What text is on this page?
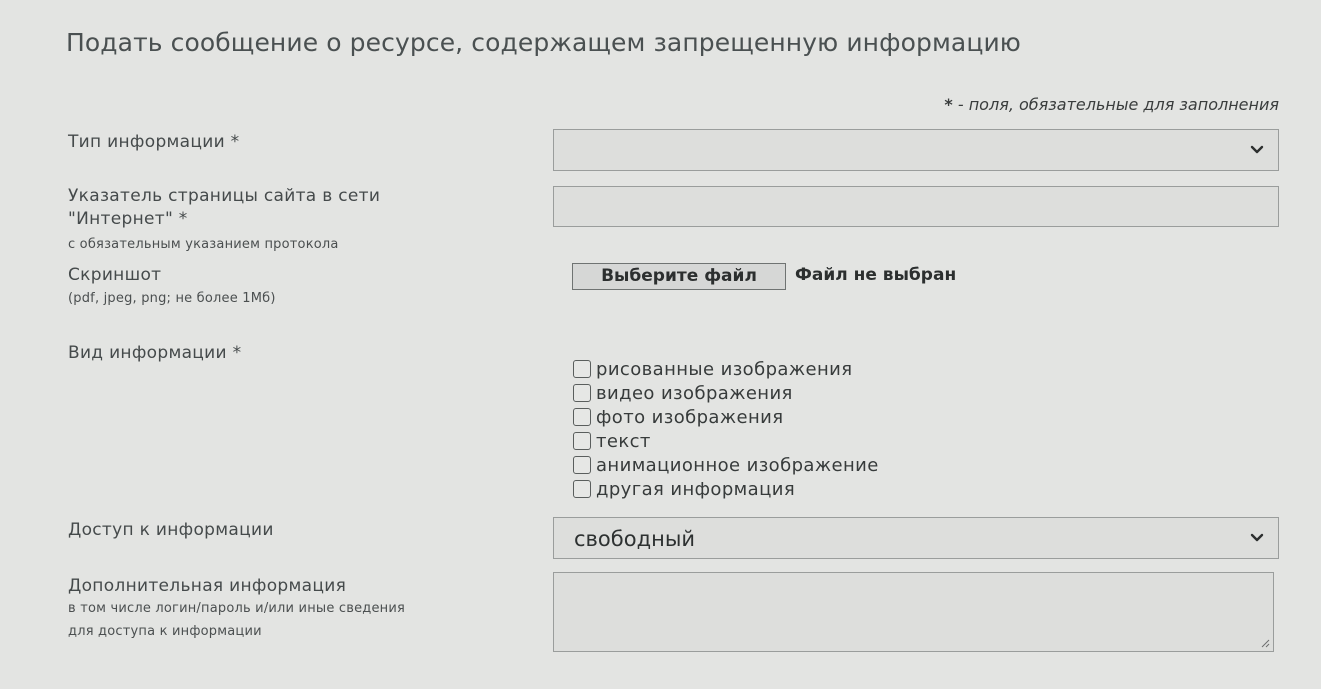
Подать сообщение о ресурсе, содержащем запрещенную информацию
* - поля, обязательные для заполнения
Тип информации *
Указатель страницы сайта в сети
"Интернет" *
с обязательным указанием протокола
Скриншот
(pdf, jpeg, png; не более 1Мб)
Выберите файл	Файл не выбран
Вид информации *
рисованные изображения
видео изображения
фото изображения
текст
анимационное изображение
другая информация
Доступ к информации	свободный
Дополнительная информация
в том числе логин/пароль и/или иные сведения
для доступа к информации
